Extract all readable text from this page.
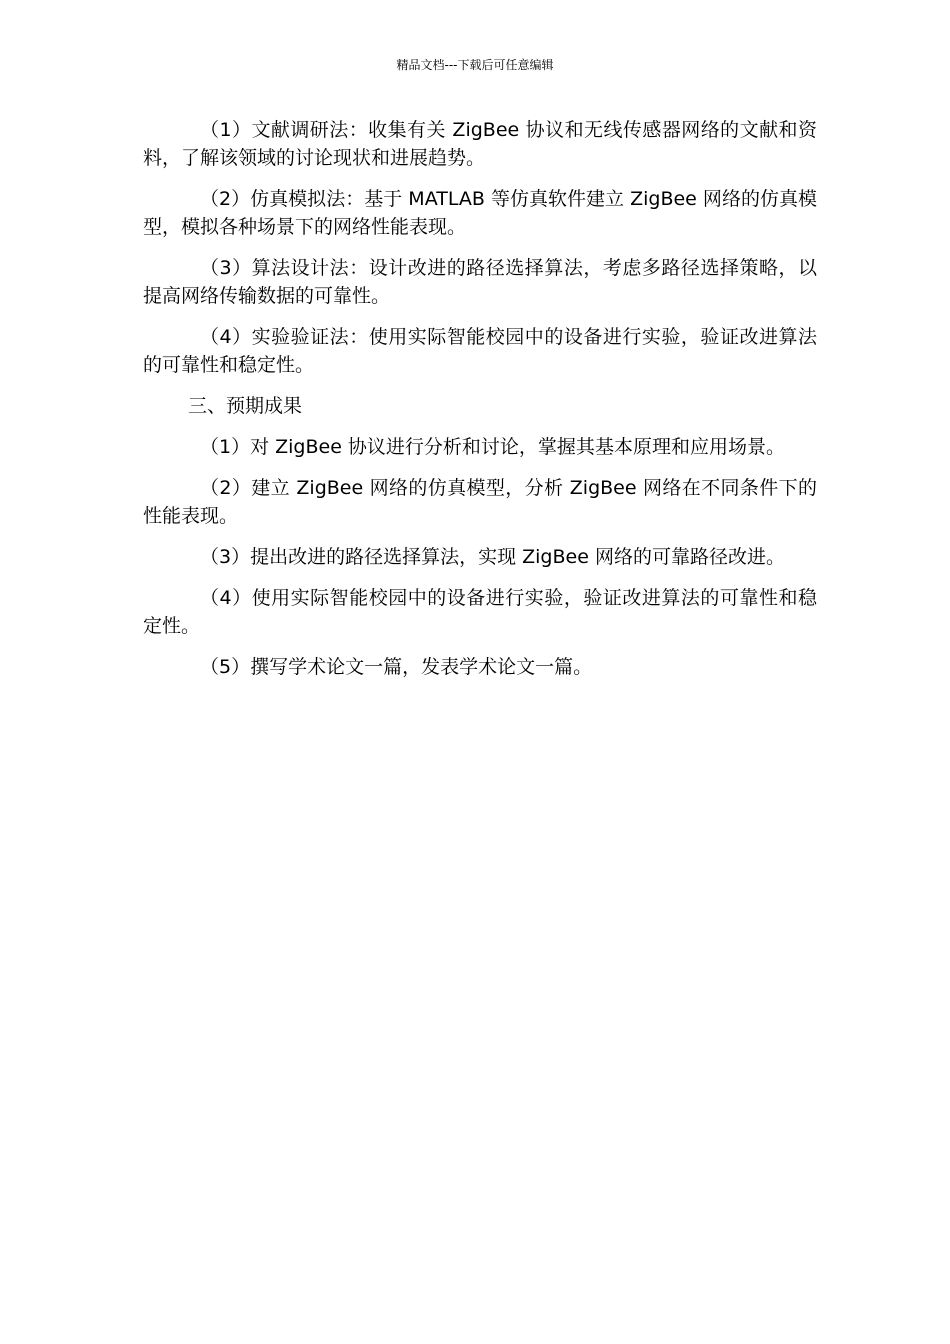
精品文档---下载后可任意编辑

（1）文献调研法：收集有关 ZigBee 协议和无线传感器网络的文献和资料，了解该领域的讨论现状和进展趋势。

（2）仿真模拟法：基于 MATLAB 等仿真软件建立 ZigBee 网络的仿真模型，模拟各种场景下的网络性能表现。

（3）算法设计法：设计改进的路径选择算法，考虑多路径选择策略，以提高网络传输数据的可靠性。

（4）实验验证法：使用实际智能校园中的设备进行实验，验证改进算法的可靠性和稳定性。

三、预期成果

（1）对 ZigBee 协议进行分析和讨论，掌握其基本原理和应用场景。

（2）建立 ZigBee 网络的仿真模型，分析 ZigBee 网络在不同条件下的性能表现。

（3）提出改进的路径选择算法，实现 ZigBee 网络的可靠路径改进。

（4）使用实际智能校园中的设备进行实验，验证改进算法的可靠性和稳定性。

（5）撰写学术论文一篇，发表学术论文一篇。
